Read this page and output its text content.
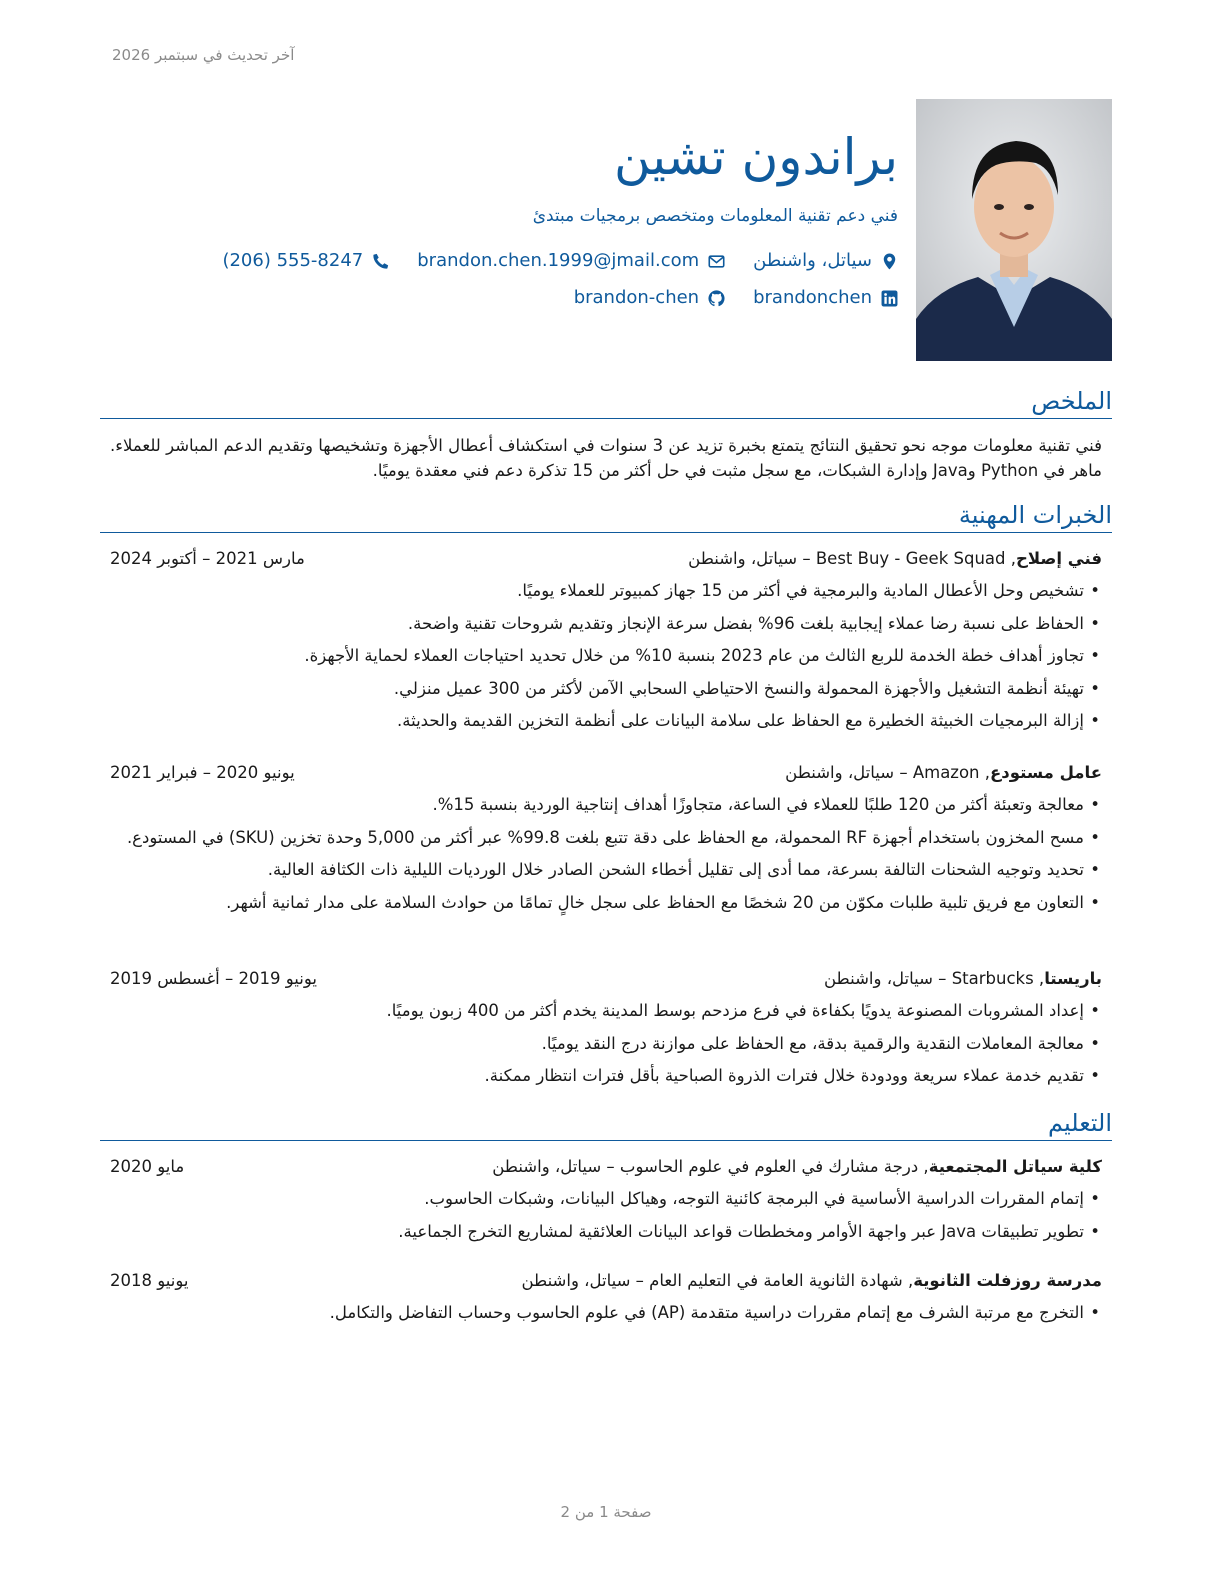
آخر تحديث في سبتمبر 2026
براندون تشين
فني دعم تقنية المعلومات ومتخصص برمجيات مبتدئ
سياتل، واشنطن
brandon.chen.1999@jmail.com
(206) 555-8247
brandonchen
brandon-chen
الملخص
فني تقنية معلومات موجه نحو تحقيق النتائج يتمتع بخبرة تزيد عن 3 سنوات في استكشاف أعطال الأجهزة وتشخيصها وتقديم الدعم المباشر للعملاء. ماهر في Python وJava وإدارة الشبكات، مع سجل مثبت في حل أكثر من 15 تذكرة دعم فني معقدة يوميًا.
الخبرات المهنية
فني إصلاح, Best Buy - Geek Squad – سياتل، واشنطن
مارس 2021 – أكتوبر 2024
• تشخيص وحل الأعطال المادية والبرمجية في أكثر من 15 جهاز كمبيوتر للعملاء يوميًا.
• الحفاظ على نسبة رضا عملاء إيجابية بلغت 96% بفضل سرعة الإنجاز وتقديم شروحات تقنية واضحة.
• تجاوز أهداف خطة الخدمة للربع الثالث من عام 2023 بنسبة 10% من خلال تحديد احتياجات العملاء لحماية الأجهزة.
• تهيئة أنظمة التشغيل والأجهزة المحمولة والنسخ الاحتياطي السحابي الآمن لأكثر من 300 عميل منزلي.
• إزالة البرمجيات الخبيثة الخطيرة مع الحفاظ على سلامة البيانات على أنظمة التخزين القديمة والحديثة.
عامل مستودع, Amazon – سياتل، واشنطن
يونيو 2020 – فبراير 2021
• معالجة وتعبئة أكثر من 120 طلبًا للعملاء في الساعة، متجاوزًا أهداف إنتاجية الوردية بنسبة 15%.
• مسح المخزون باستخدام أجهزة RF المحمولة، مع الحفاظ على دقة تتبع بلغت 99.8% عبر أكثر من 5,000 وحدة تخزين (SKU) في المستودع.
• تحديد وتوجيه الشحنات التالفة بسرعة، مما أدى إلى تقليل أخطاء الشحن الصادر خلال الورديات الليلية ذات الكثافة العالية.
• التعاون مع فريق تلبية طلبات مكوّن من 20 شخصًا مع الحفاظ على سجل خالٍ تمامًا من حوادث السلامة على مدار ثمانية أشهر.
باريستا, Starbucks – سياتل، واشنطن
يونيو 2019 – أغسطس 2019
• إعداد المشروبات المصنوعة يدويًا بكفاءة في فرع مزدحم بوسط المدينة يخدم أكثر من 400 زبون يوميًا.
• معالجة المعاملات النقدية والرقمية بدقة، مع الحفاظ على موازنة درج النقد يوميًا.
• تقديم خدمة عملاء سريعة وودودة خلال فترات الذروة الصباحية بأقل فترات انتظار ممكنة.
التعليم
كلية سياتل المجتمعية, درجة مشارك في العلوم في علوم الحاسوب – سياتل، واشنطن
مايو 2020
• إتمام المقررات الدراسية الأساسية في البرمجة كائنية التوجه، وهياكل البيانات، وشبكات الحاسوب.
• تطوير تطبيقات Java عبر واجهة الأوامر ومخططات قواعد البيانات العلائقية لمشاريع التخرج الجماعية.
مدرسة روزفلت الثانوية, شهادة الثانوية العامة في التعليم العام – سياتل، واشنطن
يونيو 2018
• التخرج مع مرتبة الشرف مع إتمام مقررات دراسية متقدمة (AP) في علوم الحاسوب وحساب التفاضل والتكامل.
صفحة 1 من 2
